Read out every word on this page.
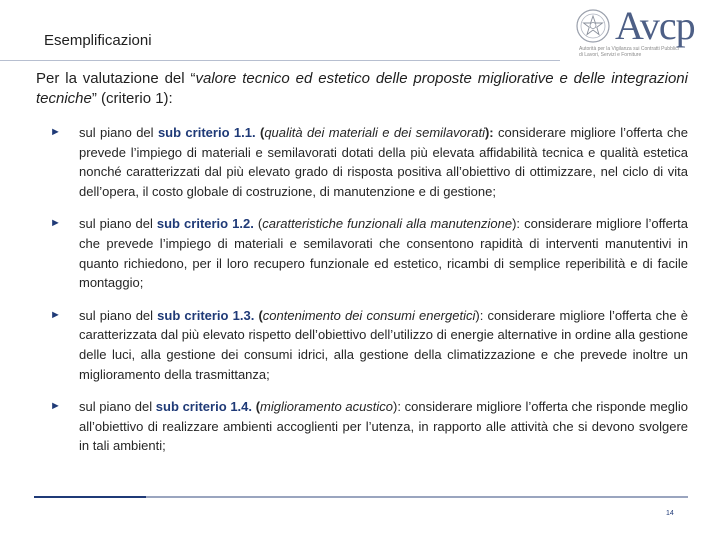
Esemplificazioni	Avcp
Autorità per la Vigilanza sui Contratti Pubblici
di Lavori, Servizi e Forniture
Per la valutazione del “valore tecnico ed estetico delle proposte migliorative e delle integrazioni tecniche” (criterio 1):
► sul piano del sub criterio 1.1. (qualità dei materiali e dei semilavorati): considerare migliore l’offerta che prevede l’impiego di materiali e semilavorati dotati della più elevata affidabilità tecnica e qualità estetica nonché caratterizzati dal più elevato grado di risposta positiva all’obiettivo di ottimizzare, nel ciclo di vita dell’opera, il costo globale di costruzione, di manutenzione e di gestione;
► sul piano del sub criterio 1.2. (caratteristiche funzionali alla manutenzione): considerare migliore l’offerta che prevede l’impiego di materiali e semilavorati che consentono rapidità di interventi manutentivi in quanto richiedono, per il loro recupero funzionale ed estetico, ricambi di semplice reperibilità e di facile montaggio;
► sul piano del sub criterio 1.3. (contenimento dei consumi energetici): considerare migliore l’offerta che è caratterizzata dal più elevato rispetto dell’obiettivo dell’utilizzo di energie alternative in ordine alla gestione delle luci, alla gestione dei consumi idrici, alla gestione della climatizzazione e che prevede inoltre un miglioramento della trasmittanza;
► sul piano del sub criterio 1.4. (miglioramento acustico): considerare migliore l’offerta che risponde meglio all’obiettivo di realizzare ambienti accoglienti per l’utenza, in rapporto alle attività che si devono svolgere in tali ambienti;
14
